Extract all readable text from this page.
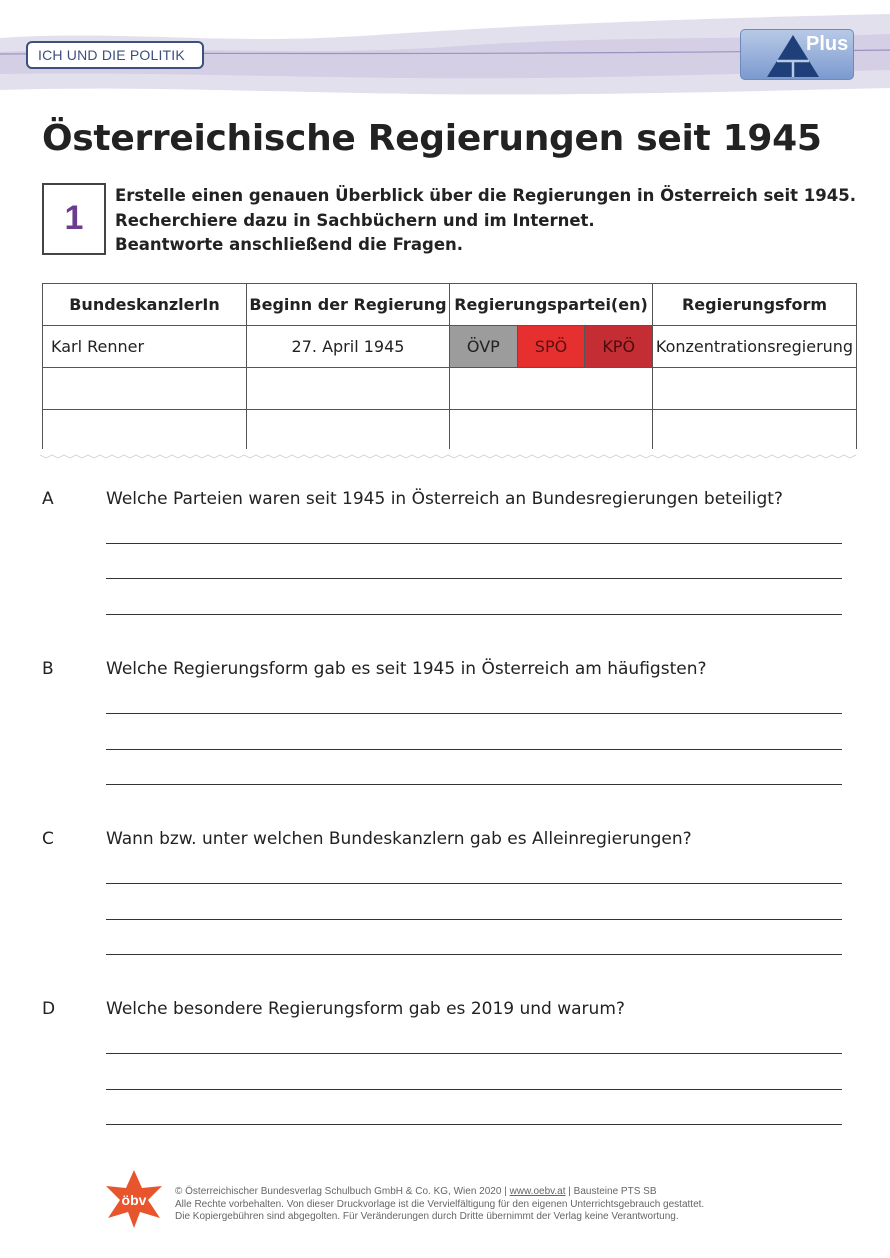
ICH UND DIE POLITIK	Plus
Österreichische Regierungen seit 1945
1
Erstelle einen genauen Überblick über die Regierungen in Österreich seit 1945.
Recherchiere dazu in Sachbüchern und im Internet.
Beantworte anschließend die Fragen.
BundeskanzlerIn	Beginn der Regierung	Regierungspartei(en)	Regierungsform
Karl Renner	27. April 1945	ÖVP SPÖ KPÖ	Konzentrationsregierung

A	Welche Parteien waren seit 1945 in Österreich an Bundesregierungen beteiligt?
B	Welche Regierungsform gab es seit 1945 in Österreich am häufigsten?
C	Wann bzw. unter welchen Bundeskanzlern gab es Alleinregierungen?
D	Welche besondere Regierungsform gab es 2019 und warum?
öbv
© Österreichischer Bundesverlag Schulbuch GmbH & Co. KG, Wien 2020 | www.oebv.at | Bausteine PTS SB
Alle Rechte vorbehalten. Von dieser Druckvorlage ist die Vervielfältigung für den eigenen Unterrichtsgebrauch gestattet.
Die Kopiergebühren sind abgegolten. Für Veränderungen durch Dritte übernimmt der Verlag keine Verantwortung.
